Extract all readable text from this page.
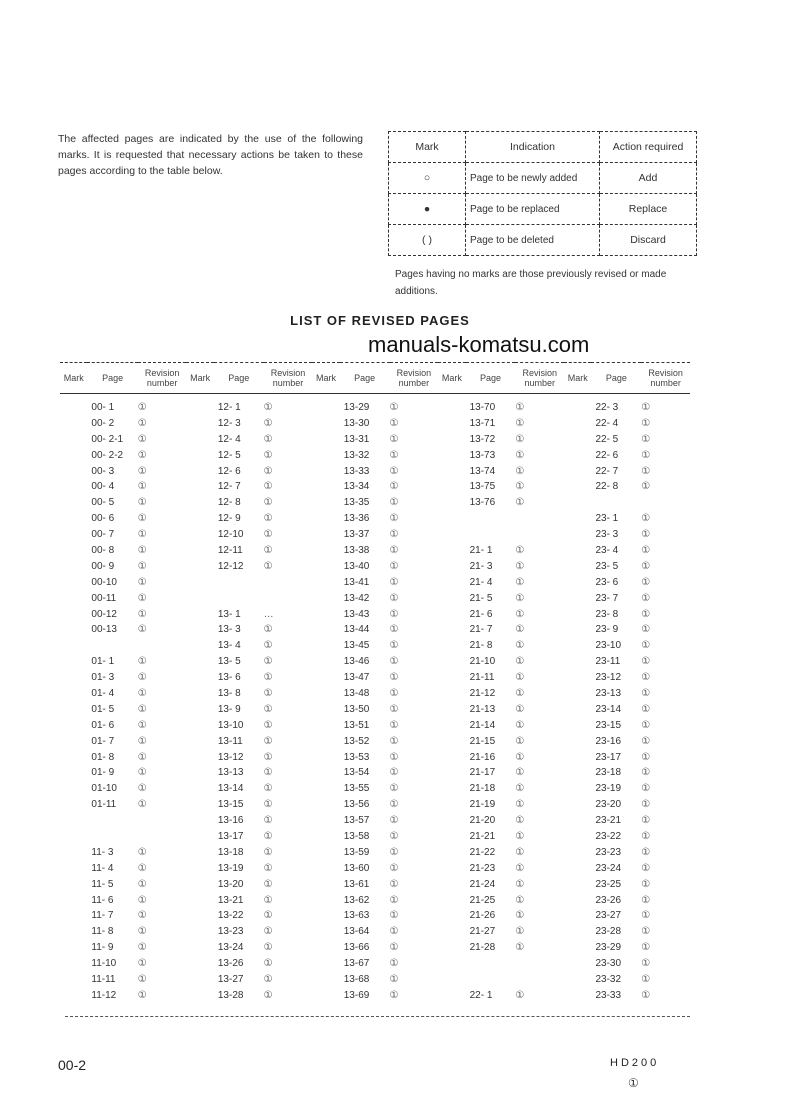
The affected pages are indicated by the use of the following marks. It is requested that necessary actions be taken to these pages according to the table below.

Mark	Indication	Action required
○	Page to be newly added	Add
●	Page to be replaced	Replace
( )	Page to be deleted	Discard

Pages having no marks are those previously revised or made additions.

LIST OF REVISED PAGES
manuals-komatsu.com
Mark	Page	Revision number	Mark	Page	Revision number	Mark	Page	Revision number	Mark	Page	Revision number	Mark	Page	Revision number
	00- 1	①		12- 1	①		13-29	①		13-70	①		22- 3	①
	00- 2	①		12- 3	①		13-30	①		13-71	①		22- 4	①
	00- 2-1	①		12- 4	①		13-31	①		13-72	①		22- 5	①
	00- 2-2	①		12- 5	①		13-32	①		13-73	①		22- 6	①
	00- 3	①		12- 6	①		13-33	①		13-74	①		22- 7	①
	00- 4	①		12- 7	①		13-34	①		13-75	①		22- 8	①
	00- 5	①		12- 8	①		13-35	①		13-76	①			
	00- 6	①		12- 9	①		13-36	①					23- 1	①
	00- 7	①		12-10	①		13-37	①					23- 3	①
	00- 8	①		12-11	①		13-38	①		21- 1	①		23- 4	①
	00- 9	①		12-12	①		13-40	①		21- 3	①		23- 5	①
	00-10	①					13-41	①		21- 4	①		23- 6	①
	00-11	①					13-42	①		21- 5	①		23- 7	①
	00-12	①		13- 1	…		13-43	①		21- 6	①		23- 8	①
	00-13	①		13- 3	①		13-44	①		21- 7	①		23- 9	①
				13- 4	①		13-45	①		21- 8	①		23-10	①
	01- 1	①		13- 5	①		13-46	①		21-10	①		23-11	①
	01- 3	①		13- 6	①		13-47	①		21-11	①		23-12	①
	01- 4	①		13- 8	①		13-48	①		21-12	①		23-13	①
	01- 5	①		13- 9	①		13-50	①		21-13	①		23-14	①
	01- 6	①		13-10	①		13-51	①		21-14	①		23-15	①
	01- 7	①		13-11	①		13-52	①		21-15	①		23-16	①
	01- 8	①		13-12	①		13-53	①		21-16	①		23-17	①
	01- 9	①		13-13	①		13-54	①		21-17	①		23-18	①
	01-10	①		13-14	①		13-55	①		21-18	①		23-19	①
	01-11	①		13-15	①		13-56	①		21-19	①		23-20	①
				13-16	①		13-57	①		21-20	①		23-21	①
				13-17	①		13-58	①		21-21	①		23-22	①
	11- 3	①		13-18	①		13-59	①		21-22	①		23-23	①
	11- 4	①		13-19	①		13-60	①		21-23	①		23-24	①
	11- 5	①		13-20	①		13-61	①		21-24	①		23-25	①
	11- 6	①		13-21	①		13-62	①		21-25	①		23-26	①
	11- 7	①		13-22	①		13-63	①		21-26	①		23-27	①
	11- 8	①		13-23	①		13-64	①		21-27	①		23-28	①
	11- 9	①		13-24	①		13-66	①		21-28	①		23-29	①
	11-10	①		13-26	①		13-67	①					23-30	①
	11-11	①		13-27	①		13-68	①					23-32	①
	11-12	①		13-28	①		13-69	①		22- 1	①		23-33	①
00-2	HD200
①
